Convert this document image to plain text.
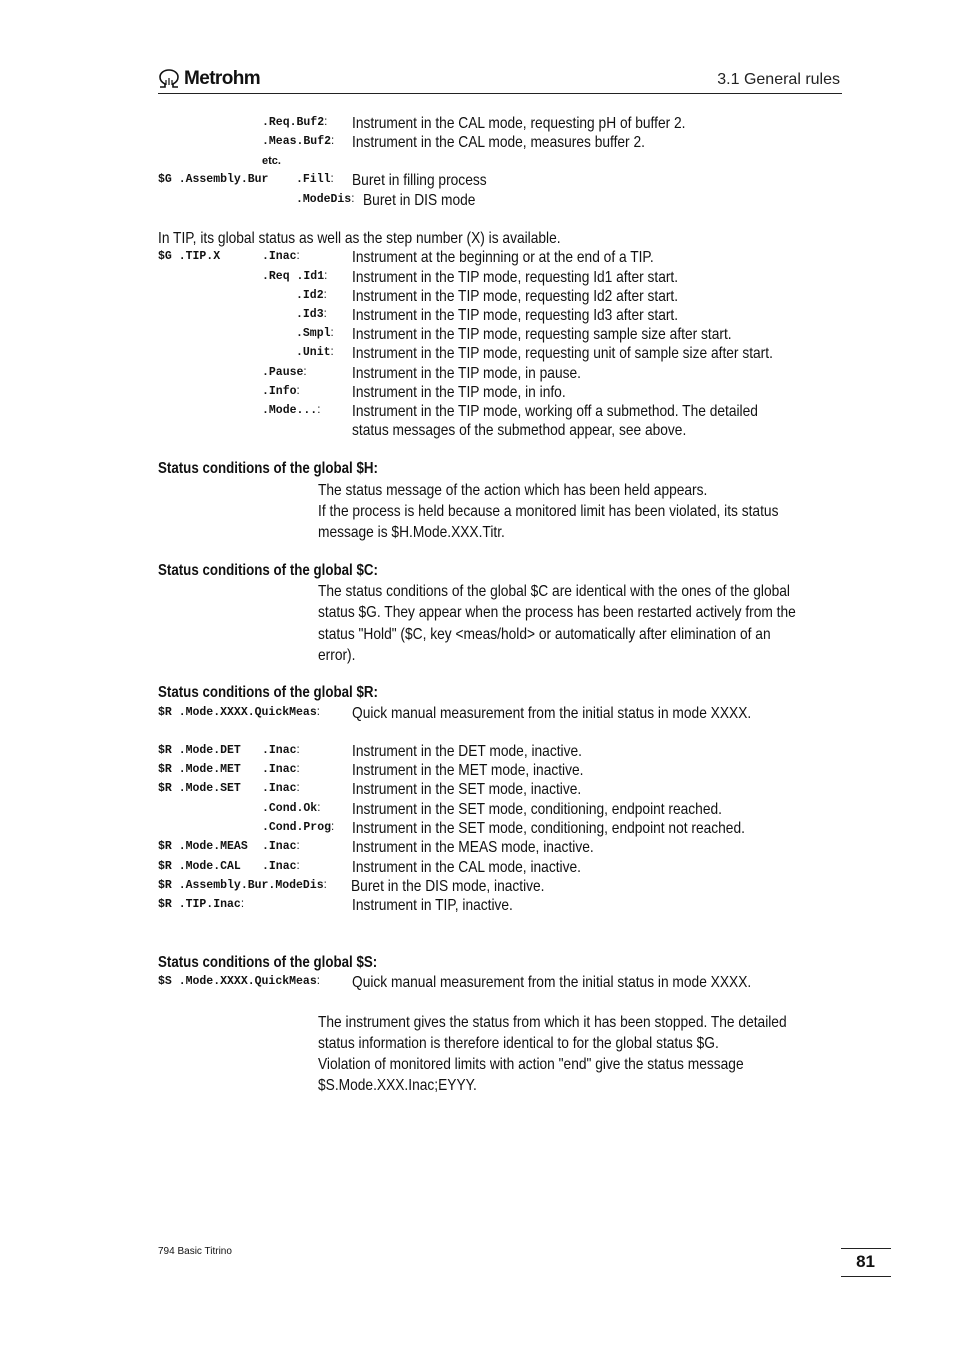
Metrohm	3.1 General rules
.Req.Buf2: Instrument in the CAL mode, requesting pH of buffer 2.
.Meas.Buf2: Instrument in the CAL mode, measures buffer 2.
etc.
$G .Assembly.Bur .Fill: Buret in filling process
.ModeDis: Buret in DIS mode
In TIP, its global status as well as the step number (X) is available.
$G .TIP.X	.Inac:	Instrument at the beginning or at the end of a TIP.
.Req .Id1: Instrument in the TIP mode, requesting Id1 after start.
.Id2: Instrument in the TIP mode, requesting Id2 after start.
.Id3: Instrument in the TIP mode, requesting Id3 after start.
.Smpl: Instrument in the TIP mode, requesting sample size after start.
.Unit: Instrument in the TIP mode, requesting unit of sample size after start.
.Pause:	Instrument in the TIP mode, in pause.
.Info:	Instrument in the TIP mode, in info.
.Mode...: Instrument in the TIP mode, working off a submethod. The detailed
status messages of the submethod appear, see above.
Status conditions of the global $H:
The status message of the action which has been held appears.
If the process is held because a monitored limit has been violated, its status
message is $H.Mode.XXX.Titr.
Status conditions of the global $C:
The status conditions of the global $C are identical with the ones of the global
status $G. They appear when the process has been restarted actively from the
status "Hold" ($C, key <meas/hold> or automatically after elimination of an
error).
Status conditions of the global $R:
$R .Mode.XXXX.QuickMeas: Quick manual measurement from the initial status in mode XXXX.
$R .Mode.DET .Inac:	Instrument in the DET mode, inactive.
$R .Mode.MET .Inac:	Instrument in the MET mode, inactive.
$R .Mode.SET .Inac:	Instrument in the SET mode, inactive.
.Cond.Ok: Instrument in the SET mode, conditioning, endpoint reached.
.Cond.Prog: Instrument in the SET mode, conditioning, endpoint not reached.
$R .Mode.MEAS .Inac:	Instrument in the MEAS mode, inactive.
$R .Mode.CAL .Inac:	Instrument in the CAL mode, inactive.
$R .Assembly.Bur.ModeDis: Buret in the DIS mode, inactive.
$R .TIP.Inac:	Instrument in TIP, inactive.
Status conditions of the global $S:
$S .Mode.XXXX.QuickMeas: Quick manual measurement from the initial status in mode XXXX.
The instrument gives the status from which it has been stopped. The detailed
status information is therefore identical to for the global status $G.
Violation of monitored limits with action "end" give the status message
$S.Mode.XXX.Inac;EYYY.
794 Basic Titrino
81
